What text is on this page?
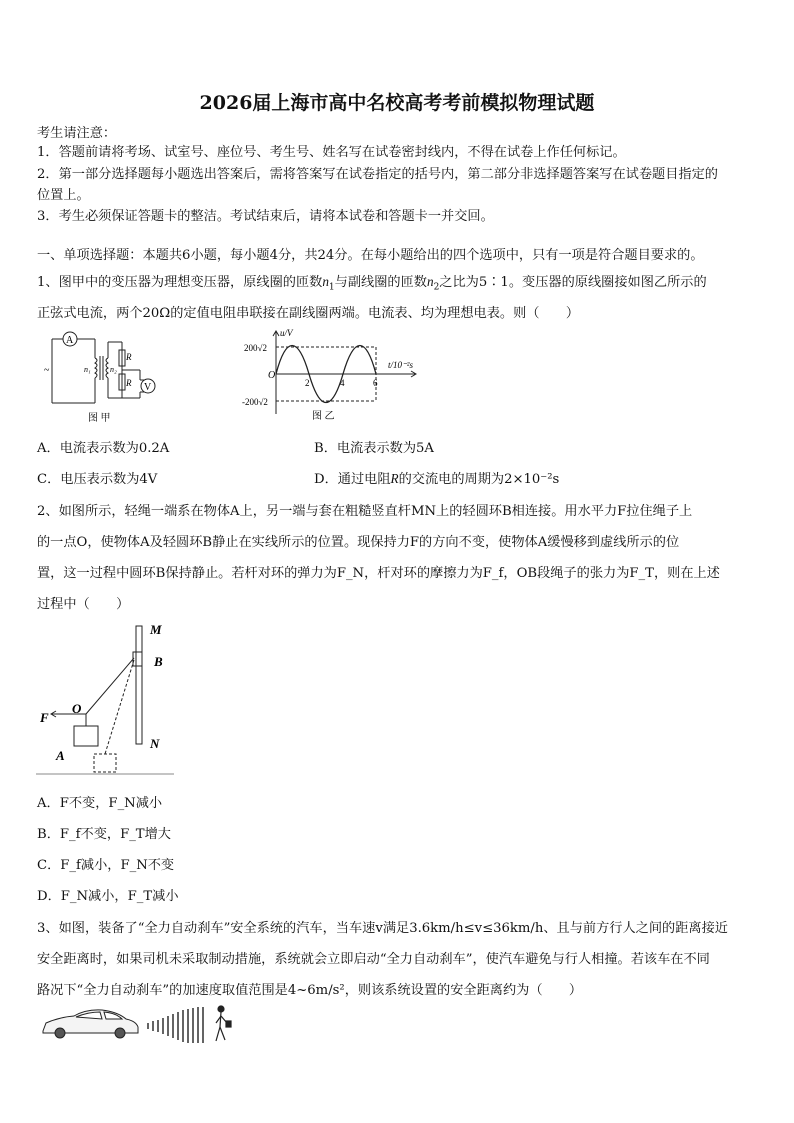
2026届上海市高中名校高考考前模拟物理试题
考生请注意：
1．答题前请将考场、试室号、座位号、考生号、姓名写在试卷密封线内，不得在试卷上作任何标记。
2．第一部分选择题每小题选出答案后，需将答案写在试卷指定的括号内，第二部分非选择题答案写在试卷题目指定的
位置上。
3．考生必须保证答题卡的整洁。考试结束后，请将本试卷和答题卡一并交回。
一、单项选择题：本题共6小题，每小题4分，共24分。在每小题给出的四个选项中，只有一项是符合题目要求的。
1、图甲中的变压器为理想变压器，原线圈的匝数$n_1$与副线圈的匝数$n_2$之比为5∶1。变压器的原线圈接如图乙所示的
正弦式电流，两个20Ω的定值电阻串联接在副线圈两端。电流表、均为理想电表。则（　　）
A
V
~	n₁ n₂
R
R
图 甲
u/V
t/10⁻²s
200√2
-200√2
O
2	4	6
图 乙
A．电流表示数为0.2A	B．电流表示数为5A
C．电压表示数为4V	D．通过电阻R的交流电的周期为2×10⁻²s
2、如图所示，轻绳一端系在物体A上，另一端与套在粗糙竖直杆MN上的轻圆环B相连接。用水平力F拉住绳子上
的一点O，使物体A及轻圆环B静止在实线所示的位置。现保持力F的方向不变，使物体A缓慢移到虚线所示的位
置，这一过程中圆环B保持静止。若杆对环的弹力为F_N，杆对环的摩擦力为F_f，OB段绳子的张力为F_T，则在上述
过程中（　　）
M
N
B
O
F
A
A．F不变，F_N减小
B．F_f不变，F_T增大
C．F_f减小，F_N不变
D．F_N减小，F_T减小
3、如图，装备了“全力自动刹车”安全系统的汽车，当车速v满足3.6km/h≤v≤36km/h、且与前方行人之间的距离接近
安全距离时，如果司机未采取制动措施，系统就会立即启动“全力自动刹车”，使汽车避免与行人相撞。若该车在不同
路况下“全力自动刹车”的加速度取值范围是4~6m/s²，则该系统设置的安全距离约为（　　）
